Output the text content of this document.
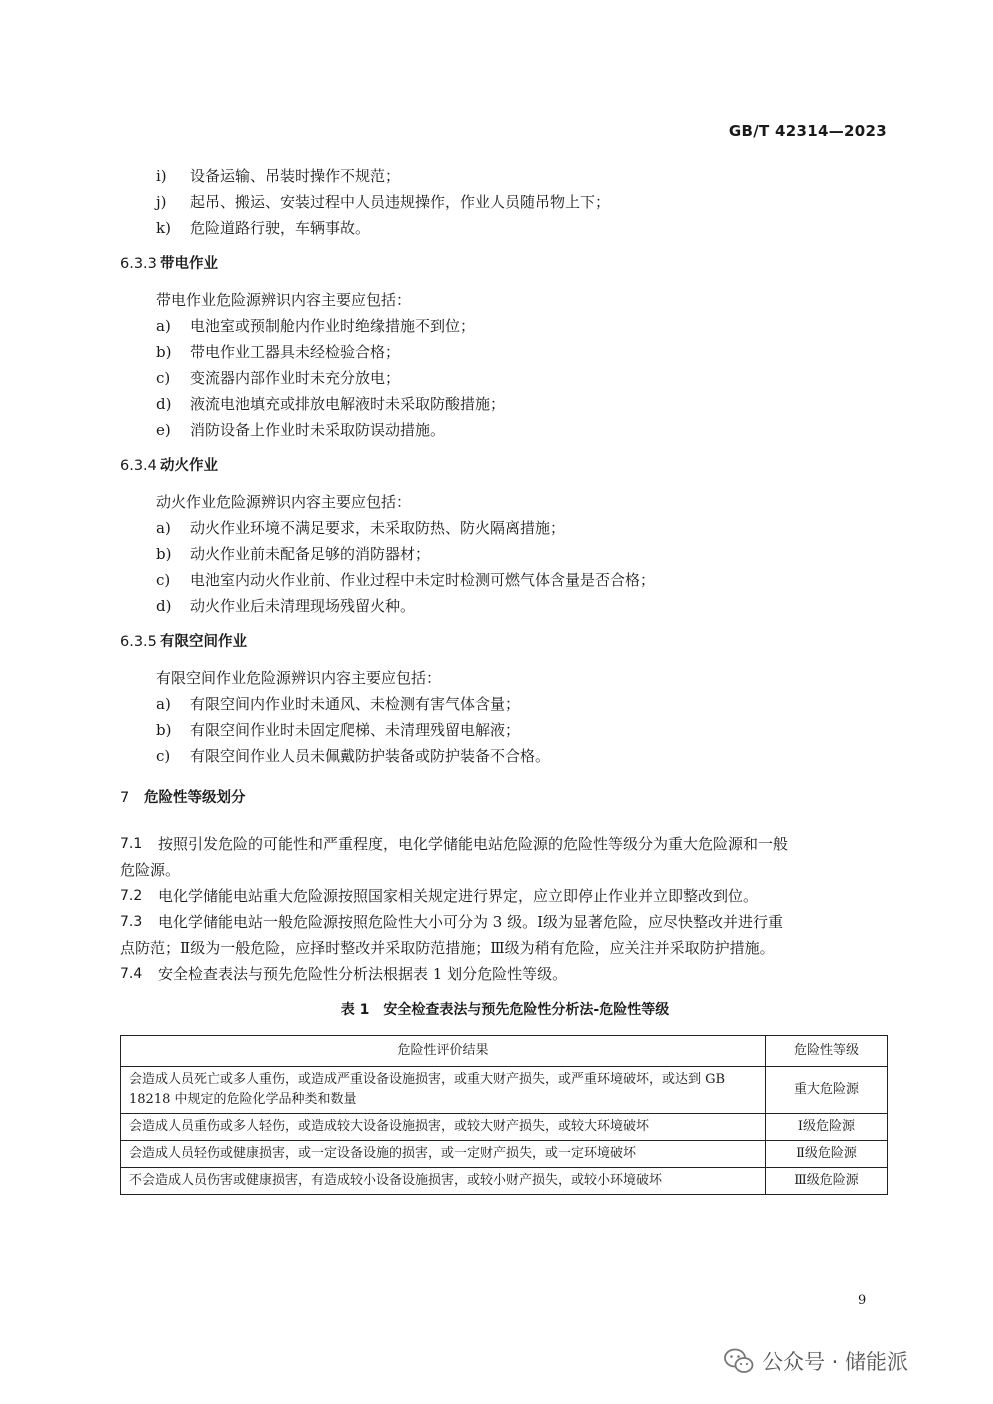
GB/T 42314—2023
i) 设备运输、吊装时操作不规范；
j) 起吊、搬运、安装过程中人员违规操作，作业人员随吊物上下；
k) 危险道路行驶，车辆事故。
6.3.3 带电作业
带电作业危险源辨识内容主要应包括：
a) 电池室或预制舱内作业时绝缘措施不到位；
b) 带电作业工器具未经检验合格；
c) 变流器内部作业时未充分放电；
d) 液流电池填充或排放电解液时未采取防酸措施；
e) 消防设备上作业时未采取防误动措施。
6.3.4 动火作业
动火作业危险源辨识内容主要应包括：
a) 动火作业环境不满足要求，未采取防热、防火隔离措施；
b) 动火作业前未配备足够的消防器材；
c) 电池室内动火作业前、作业过程中未定时检测可燃气体含量是否合格；
d) 动火作业后未清理现场残留火种。
6.3.5 有限空间作业
有限空间作业危险源辨识内容主要应包括：
a) 有限空间内作业时未通风、未检测有害气体含量；
b) 有限空间作业时未固定爬梯、未清理残留电解液；
c) 有限空间作业人员未佩戴防护装备或防护装备不合格。
7 危险性等级划分
7.1 按照引发危险的可能性和严重程度，电化学储能电站危险源的危险性等级分为重大危险源和一般
危险源。
7.2 电化学储能电站重大危险源按照国家相关规定进行界定，应立即停止作业并立即整改到位。
7.3 电化学储能电站一般危险源按照危险性大小可分为 3 级。Ⅰ级为显著危险，应尽快整改并进行重
点防范；Ⅱ级为一般危险，应择时整改并采取防范措施；Ⅲ级为稍有危险，应关注并采取防护措施。
7.4 安全检查表法与预先危险性分析法根据表 1 划分危险性等级。
表 1　安全检查表法与预先危险性分析法-危险性等级
危险性评价结果	危险性等级
会造成人员死亡或多人重伤，或造成严重设备设施损害，或重大财产损失，或严重环境破坏，或达到 GB 18218 中规定的危险化学品种类和数量	重大危险源
会造成人员重伤或多人轻伤，或造成较大设备设施损害，或较大财产损失，或较大环境破坏	Ⅰ级危险源
会造成人员轻伤或健康损害，或一定设备设施的损害，或一定财产损失，或一定环境破坏	Ⅱ级危险源
不会造成人员伤害或健康损害，有造成较小设备设施损害，或较小财产损失，或较小环境破坏	Ⅲ级危险源
9
公众号 · 储能派
